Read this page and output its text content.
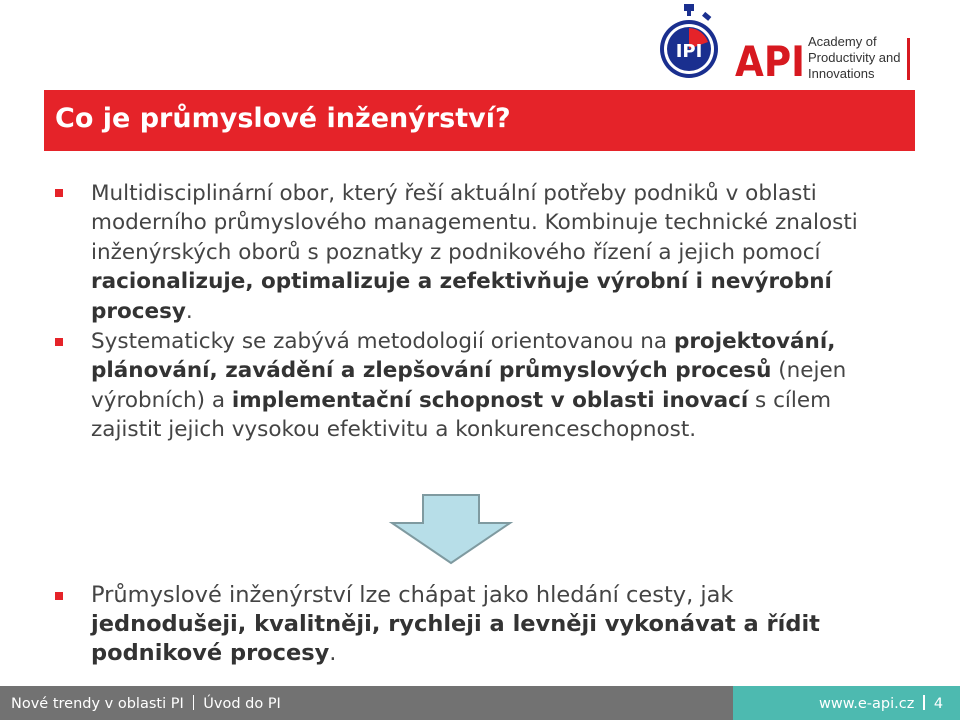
IPI API Academy of
Productivity and
Innovations
Co je průmyslové inženýrství?
Multidisciplinární obor, který řeší aktuální potřeby podniků v oblasti moderního průmyslového managementu. Kombinuje technické znalosti inženýrských oborů s poznatky z podnikového řízení a jejich pomocí racionalizuje, optimalizuje a zefektivňuje výrobní i nevýrobní procesy.
Systematicky se zabývá metodologií orientovanou na projektování, plánování, zavádění a zlepšování průmyslových procesů (nejen výrobních) a implementační schopnost v oblasti inovací s cílem zajistit jejich vysokou efektivitu a konkurenceschopnost.
Průmyslové inženýrství lze chápat jako hledání cesty, jak jednodušeji, kvalitněji, rychleji a levněji vykonávat a řídit podnikové procesy.
Nové trendy v oblasti PI Úvod do PI	www.e-api.cz 4
